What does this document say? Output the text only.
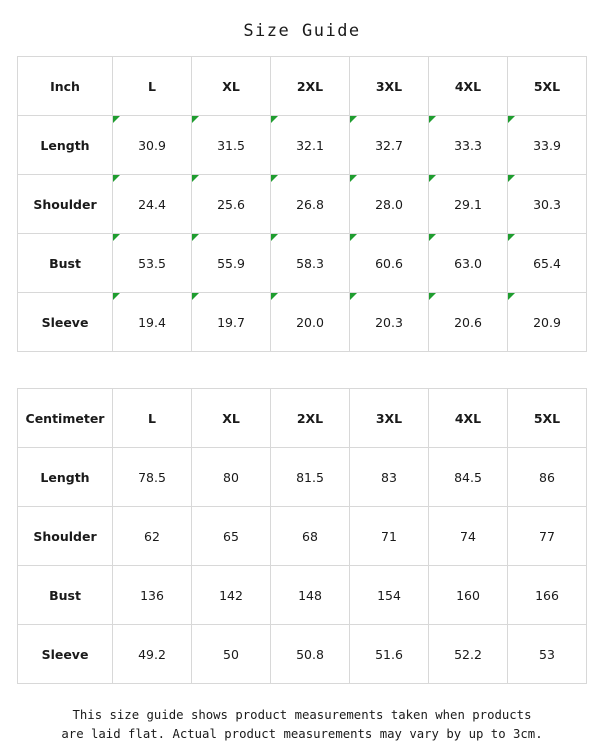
Size Guide
Inch	L	XL	2XL	3XL	4XL	5XL
Length	30.9	31.5	32.1	32.7	33.3	33.9
Shoulder	24.4	25.6	26.8	28.0	29.1	30.3
Bust	53.5	55.9	58.3	60.6	63.0	65.4
Sleeve	19.4	19.7	20.0	20.3	20.6	20.9
Centimeter	L	XL	2XL	3XL	4XL	5XL
Length	78.5	80	81.5	83	84.5	86
Shoulder	62	65	68	71	74	77
Bust	136	142	148	154	160	166
Sleeve	49.2	50	50.8	51.6	52.2	53
This size guide shows product measurements taken when products
are laid flat. Actual product measurements may vary by up to 3cm.
